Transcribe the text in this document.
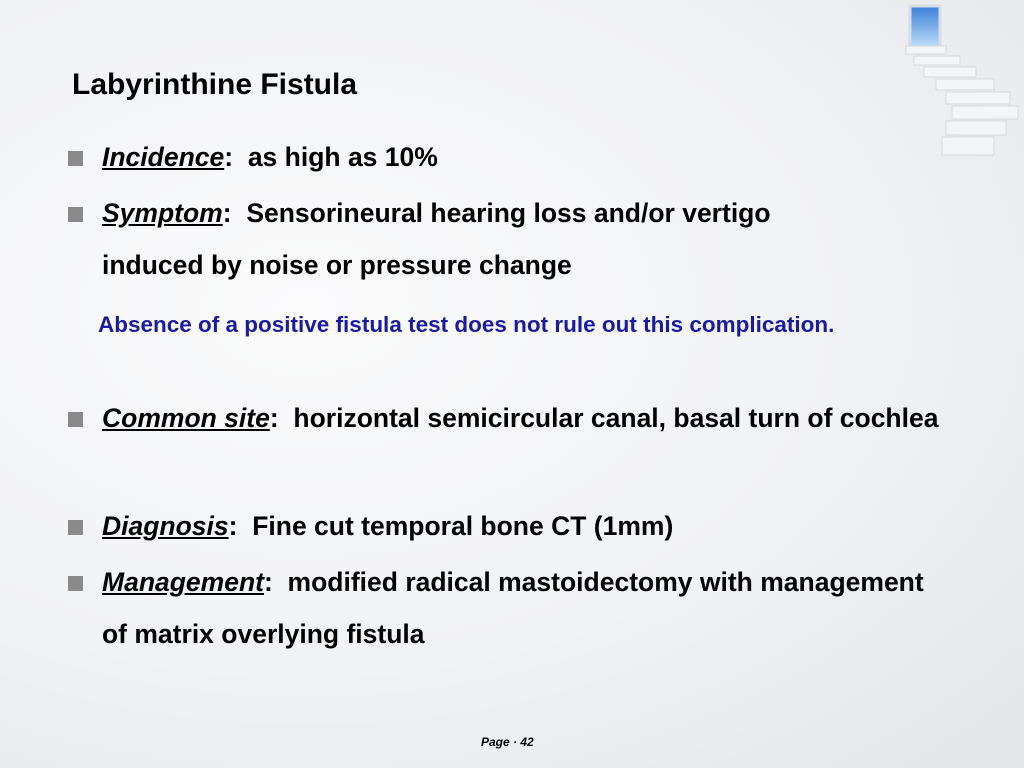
Labyrinthine Fistula
Incidence: as high as 10%
Symptom: Sensorineural hearing loss and/or vertigo induced by noise or pressure change
Absence of a positive fistula test does not rule out this complication.
Common site: horizontal semicircular canal, basal turn of cochlea
Diagnosis: Fine cut temporal bone CT (1mm)
Management: modified radical mastoidectomy with management of matrix overlying fistula
Page · 42
